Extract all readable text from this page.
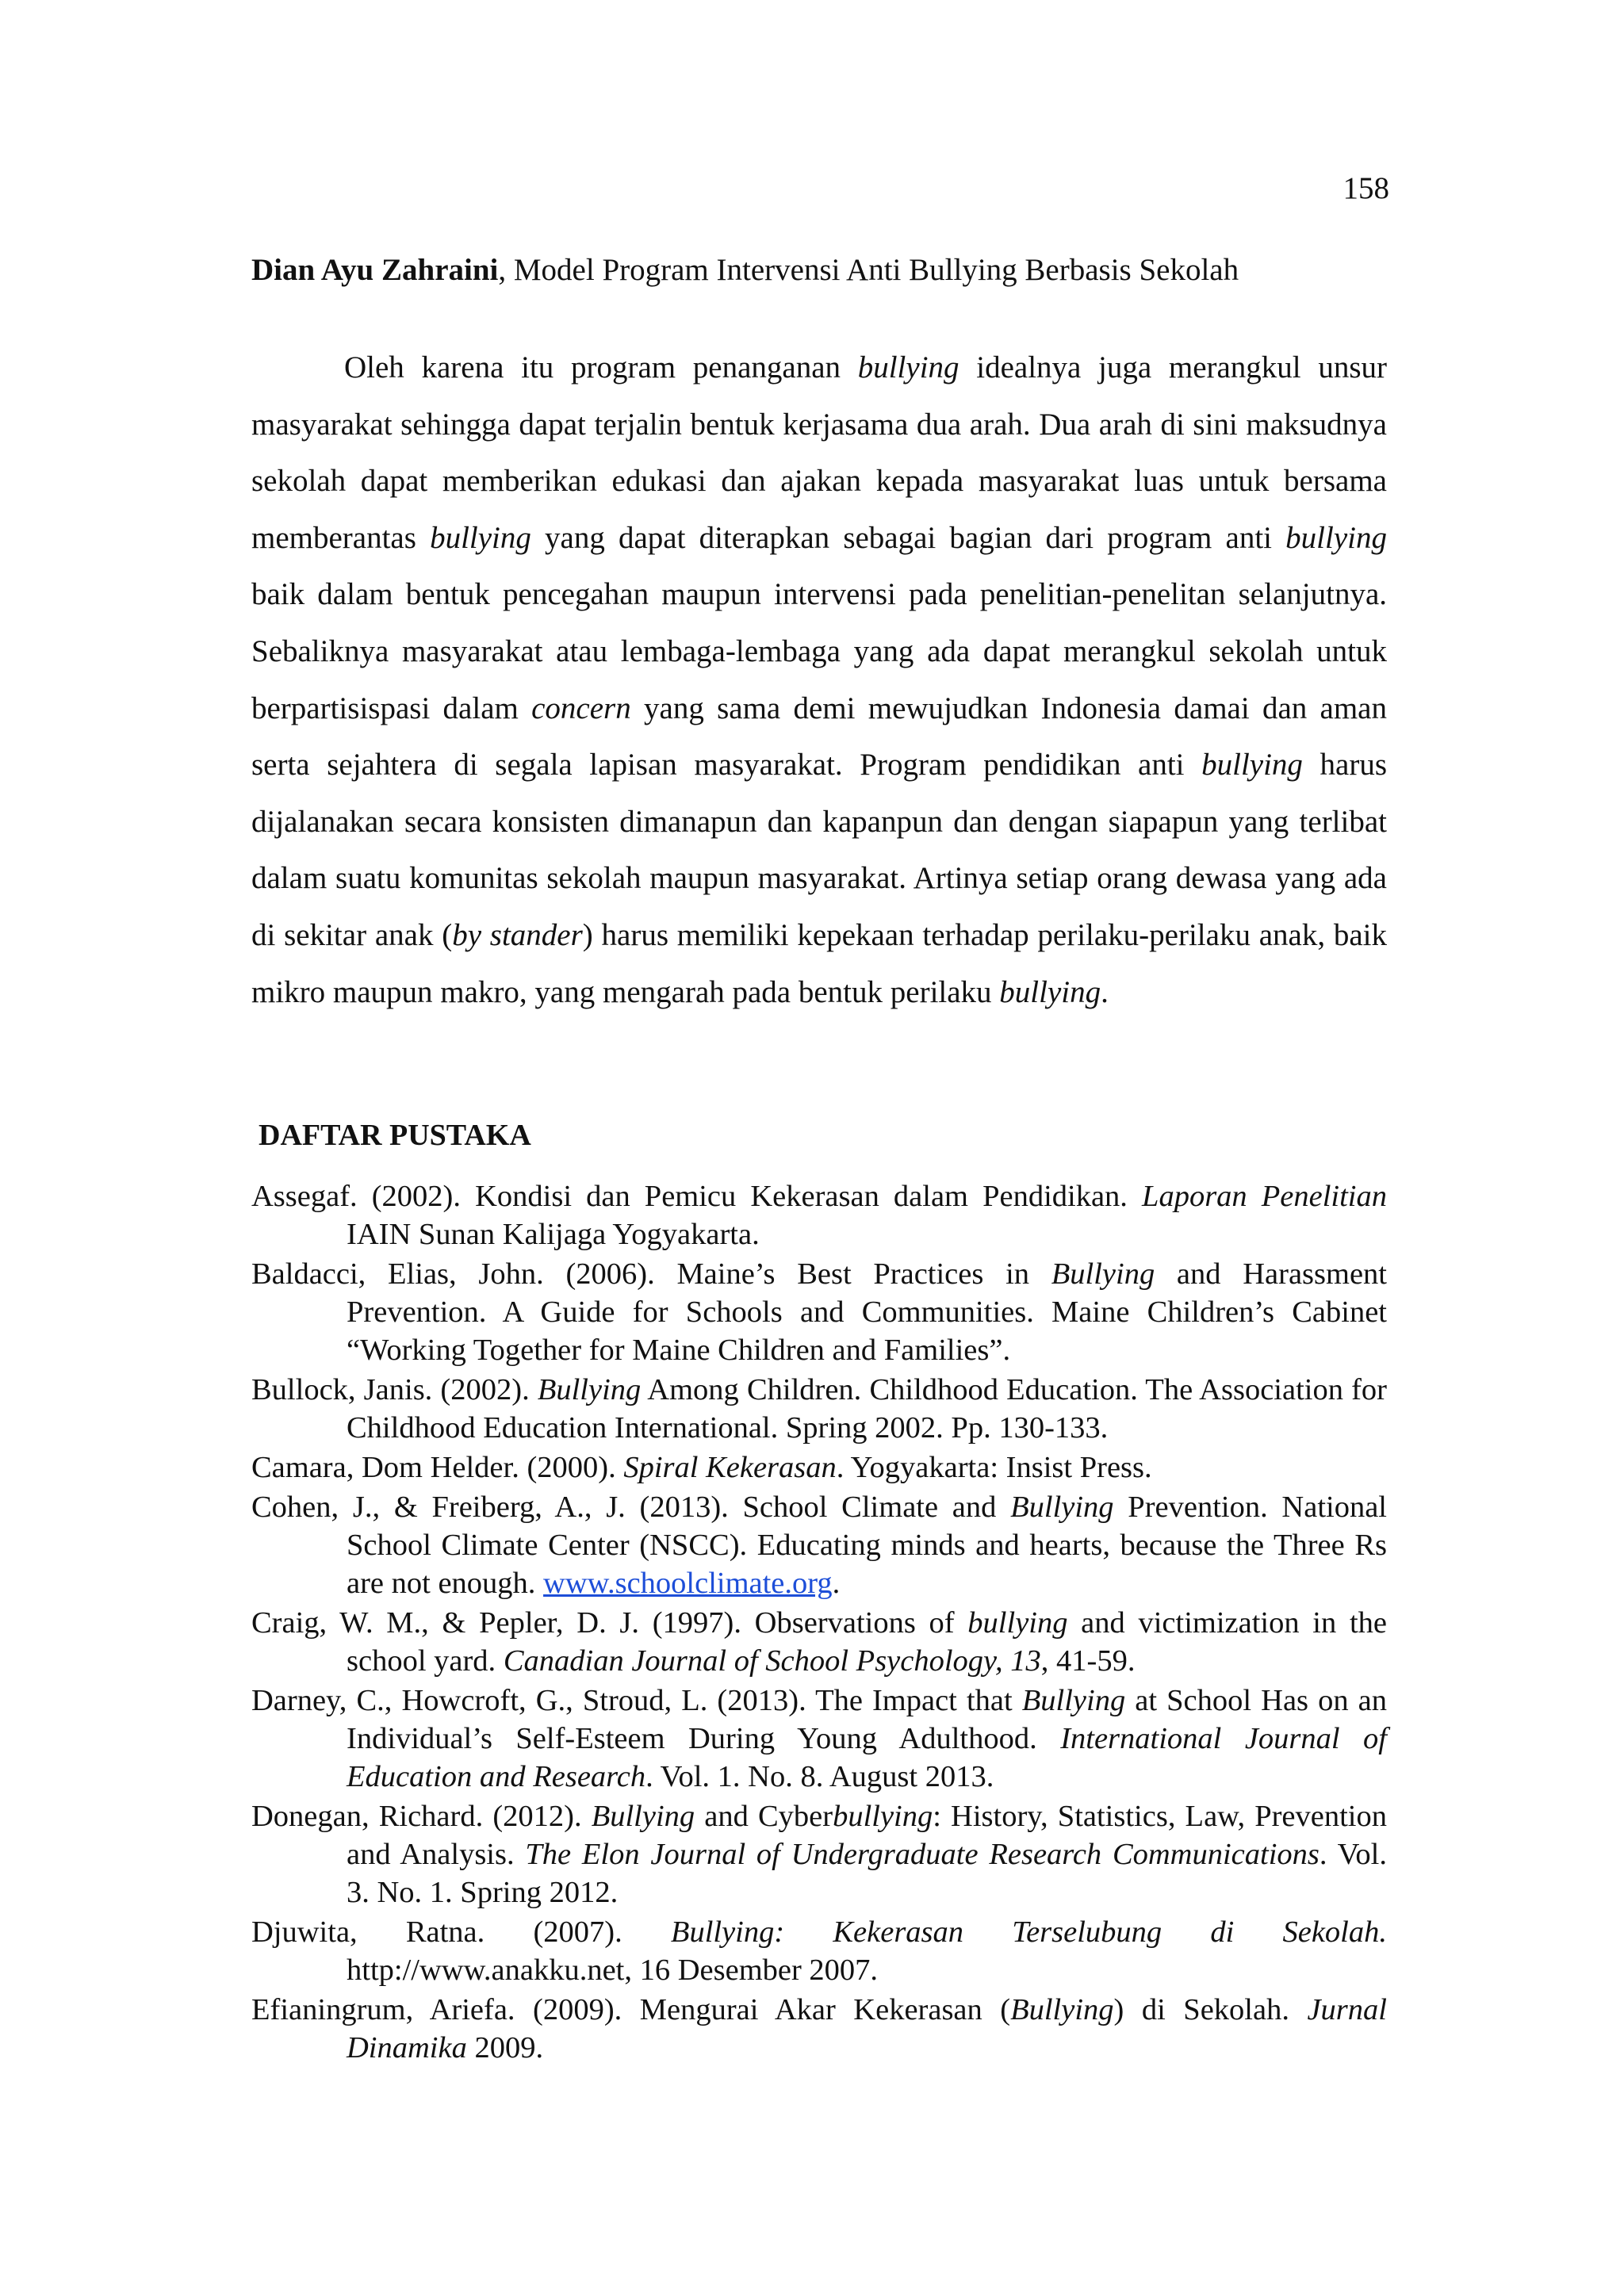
158
Dian Ayu Zahraini, Model Program Intervensi Anti Bullying Berbasis Sekolah

Oleh karena itu program penanganan bullying idealnya juga merangkul unsur masyarakat sehingga dapat terjalin bentuk kerjasama dua arah. Dua arah di sini maksudnya sekolah dapat memberikan edukasi dan ajakan kepada masyarakat luas untuk bersama memberantas bullying yang dapat diterapkan sebagai bagian dari program anti bullying baik dalam bentuk pencegahan maupun intervensi pada penelitian-penelitan selanjutnya. Sebaliknya masyarakat atau lembaga-lembaga yang ada dapat merangkul sekolah untuk berpartisispasi dalam concern yang sama demi mewujudkan Indonesia damai dan aman serta sejahtera di segala lapisan masyarakat. Program pendidikan anti bullying harus dijalanakan secara konsisten dimanapun dan kapanpun dan dengan siapapun yang terlibat dalam suatu komunitas sekolah maupun masyarakat. Artinya setiap orang dewasa yang ada di sekitar anak (by stander) harus memiliki kepekaan terhadap perilaku-perilaku anak, baik mikro maupun makro, yang mengarah pada bentuk perilaku bullying.

DAFTAR PUSTAKA
Assegaf. (2002). Kondisi dan Pemicu Kekerasan dalam Pendidikan. Laporan Penelitian IAIN Sunan Kalijaga Yogyakarta.
Baldacci, Elias, John. (2006). Maine’s Best Practices in Bullying and Harassment Prevention. A Guide for Schools and Communities. Maine Children’s Cabinet “Working Together for Maine Children and Families”.
Bullock, Janis. (2002). Bullying Among Children. Childhood Education. The Association for Childhood Education International. Spring 2002. Pp. 130-133.
Camara, Dom Helder. (2000). Spiral Kekerasan. Yogyakarta: Insist Press.
Cohen, J., & Freiberg, A., J. (2013). School Climate and Bullying Prevention. National School Climate Center (NSCC). Educating minds and hearts, because the Three Rs are not enough. www.schoolclimate.org.
Craig, W. M., & Pepler, D. J. (1997). Observations of bullying and victimization in the school yard. Canadian Journal of School Psychology, 13, 41-59.
Darney, C., Howcroft, G., Stroud, L. (2013). The Impact that Bullying at School Has on an Individual’s Self-Esteem During Young Adulthood. International Journal of Education and Research. Vol. 1. No. 8. August 2013.
Donegan, Richard. (2012). Bullying and Cyberbullying: History, Statistics, Law, Prevention and Analysis. The Elon Journal of Undergraduate Research Communications. Vol. 3. No. 1. Spring 2012.
Djuwita, Ratna. (2007). Bullying: Kekerasan Terselubung di Sekolah. http://www.anakku.net, 16 Desember 2007.
Efianingrum, Ariefa. (2009). Mengurai Akar Kekerasan (Bullying) di Sekolah. Jurnal Dinamika 2009.
